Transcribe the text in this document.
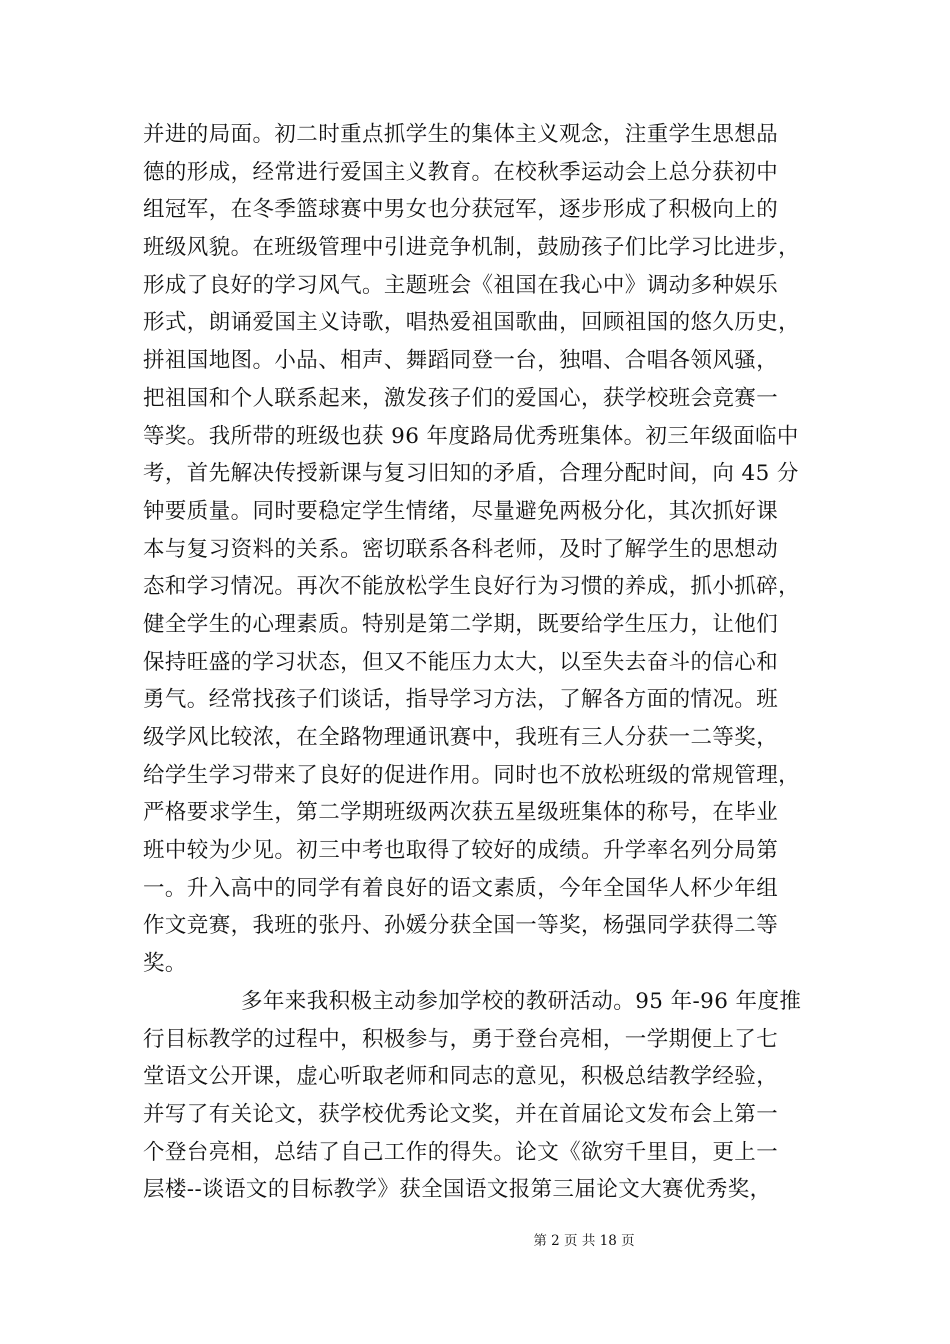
并进的局面。初二时重点抓学生的集体主义观念，注重学生思想品
德的形成，经常进行爱国主义教育。在校秋季运动会上总分获初中
组冠军，在冬季篮球赛中男女也分获冠军，逐步形成了积极向上的
班级风貌。在班级管理中引进竞争机制，鼓励孩子们比学习比进步，
形成了良好的学习风气。主题班会《祖国在我心中》调动多种娱乐
形式，朗诵爱国主义诗歌，唱热爱祖国歌曲，回顾祖国的悠久历史，
拼祖国地图。小品、相声、舞蹈同登一台，独唱、合唱各领风骚，
把祖国和个人联系起来，激发孩子们的爱国心，获学校班会竞赛一
等奖。我所带的班级也获 96 年度路局优秀班集体。初三年级面临中
考，首先解决传授新课与复习旧知的矛盾，合理分配时间，向 45 分
钟要质量。同时要稳定学生情绪，尽量避免两极分化，其次抓好课
本与复习资料的关系。密切联系各科老师，及时了解学生的思想动
态和学习情况。再次不能放松学生良好行为习惯的养成，抓小抓碎，
健全学生的心理素质。特别是第二学期，既要给学生压力，让他们
保持旺盛的学习状态，但又不能压力太大，以至失去奋斗的信心和
勇气。经常找孩子们谈话，指导学习方法，了解各方面的情况。班
级学风比较浓，在全路物理通讯赛中，我班有三人分获一二等奖，
给学生学习带来了良好的促进作用。同时也不放松班级的常规管理，
严格要求学生，第二学期班级两次获五星级班集体的称号，在毕业
班中较为少见。初三中考也取得了较好的成绩。升学率名列分局第
一。升入高中的同学有着良好的语文素质，今年全国华人杯少年组
作文竞赛，我班的张丹、孙媛分获全国一等奖，杨强同学获得二等
奖。
多年来我积极主动参加学校的教研活动。95 年-96 年度推
行目标教学的过程中，积极参与，勇于登台亮相，一学期便上了七
堂语文公开课，虚心听取老师和同志的意见，积极总结教学经验，
并写了有关论文，获学校优秀论文奖，并在首届论文发布会上第一
个登台亮相，总结了自己工作的得失。论文《欲穷千里目，更上一
层楼--谈语文的目标教学》获全国语文报第三届论文大赛优秀奖，
第 2 页 共 18 页
